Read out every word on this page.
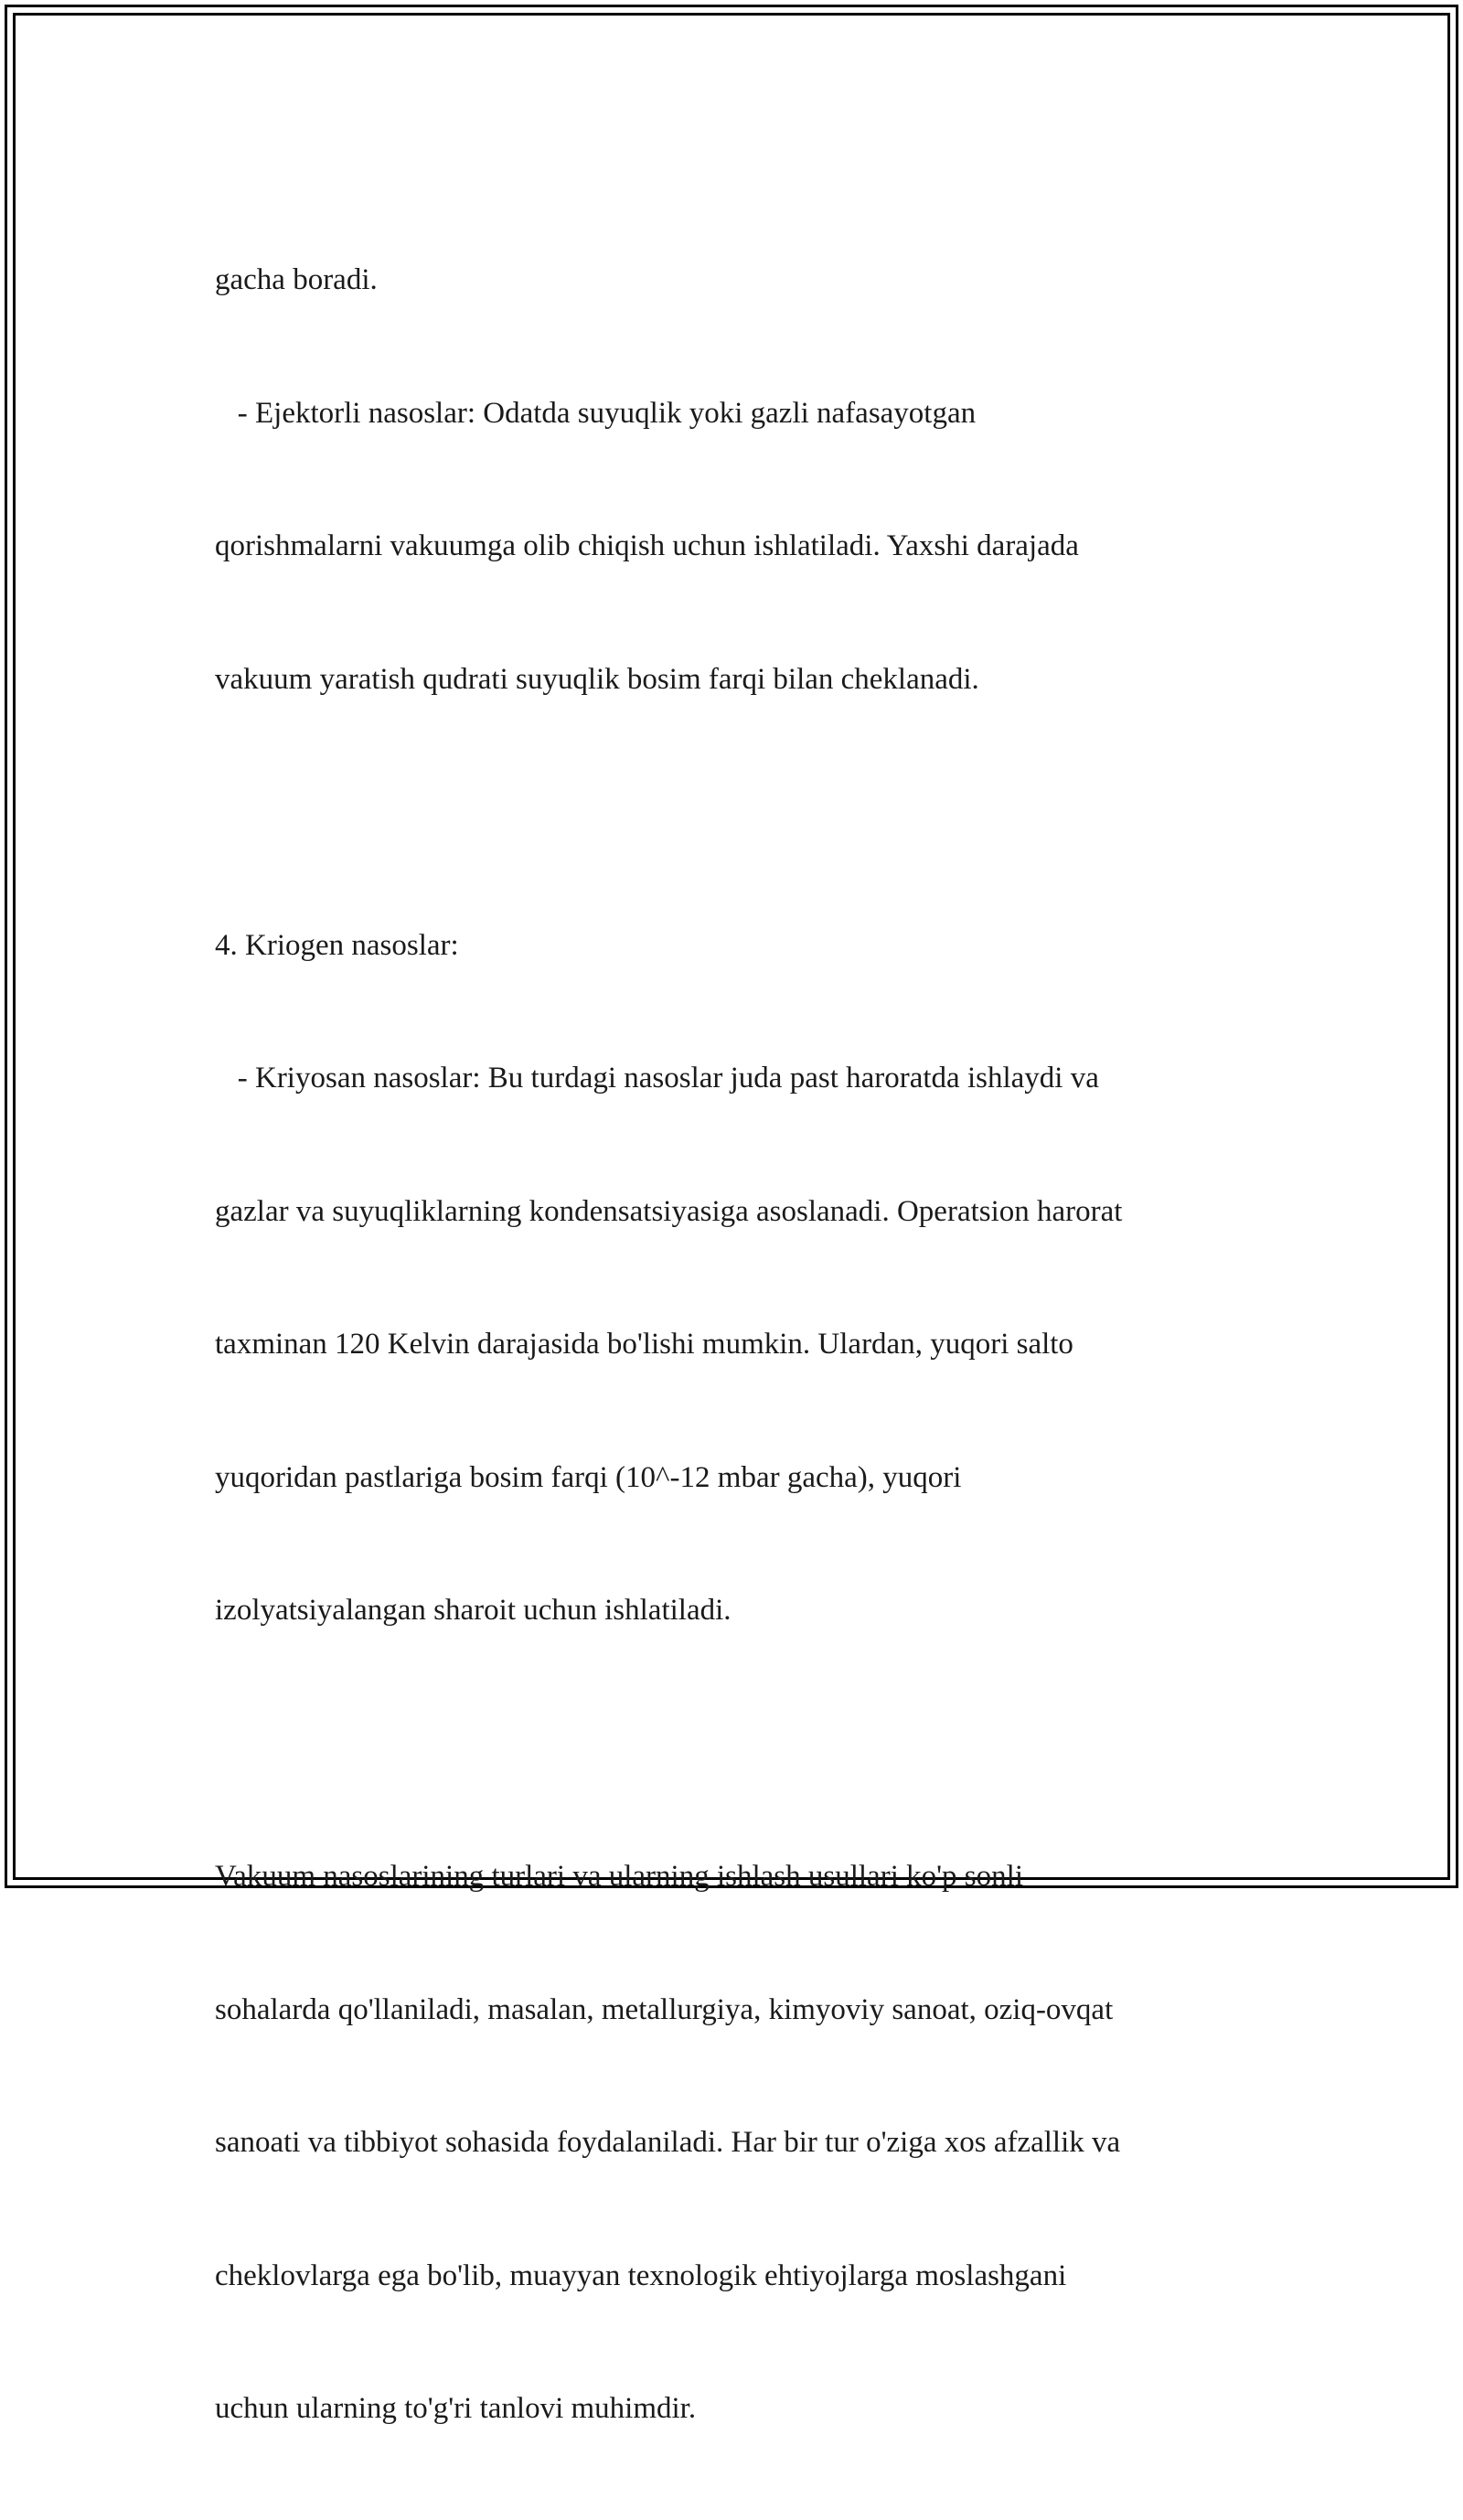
gacha boradi.

- Ejektorli nasoslar: Odatda suyuqlik yoki gazli nafasayotgan

qorishmalarni vakuumga olib chiqish uchun ishlatiladi. Yaxshi darajada

vakuum yaratish qudrati suyuqlik bosim farqi bilan cheklanadi.

4. Kriogen nasoslar:

- Kriyosan nasoslar: Bu turdagi nasoslar juda past haroratda ishlaydi va

gazlar va suyuqliklarning kondensatsiyasiga asoslanadi. Operatsion harorat

taxminan 120 Kelvin darajasida bo'lishi mumkin. Ulardan, yuqori salto

yuqoridan pastlariga bosim farqi (10^-12 mbar gacha), yuqori

izolyatsiyalangan sharoit uchun ishlatiladi.

Vakuum nasoslarining turlari va ularning ishlash usullari ko'p sonli

sohalarda qo'llaniladi, masalan, metallurgiya, kimyoviy sanoat, oziq-ovqat

sanoati va tibbiyot sohasida foydalaniladi. Har bir tur o'ziga xos afzallik va

cheklovlarga ega bo'lib, muayyan texnologik ehtiyojlarga moslashgani

uchun ularning to'g'ri tanlovi muhimdir.
